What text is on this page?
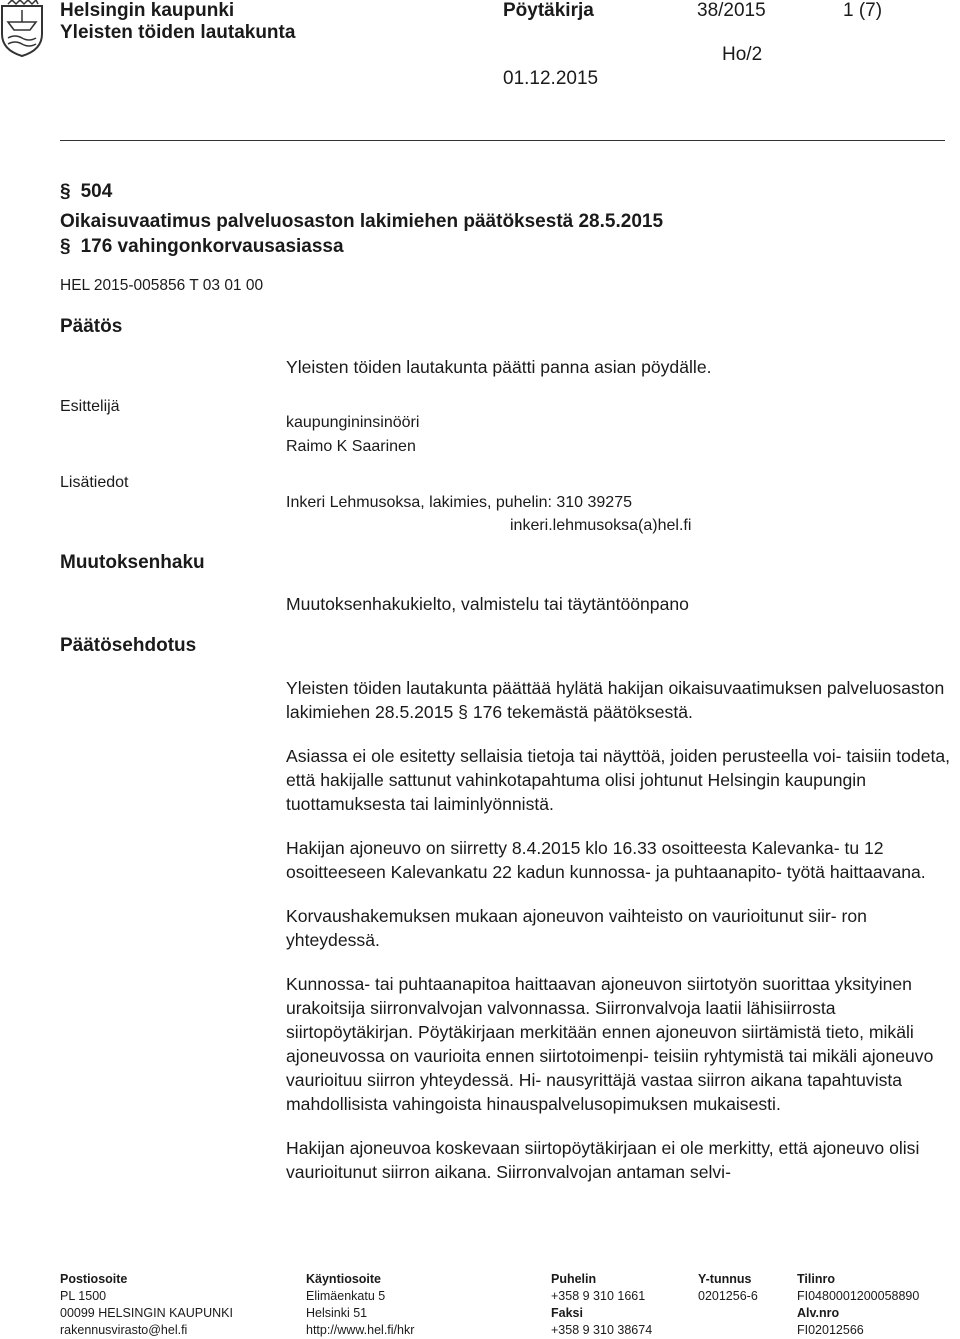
Helsingin kaupunki
Yleisten töiden lautakunta
Pöytäkirja	38/2015	1 (7)
Ho/2
01.12.2015
§ 504
Oikaisuvaatimus palveluosaston lakimiehen päätöksestä 28.5.2015
§ 176 vahingonkorvausasiassa
HEL 2015-005856 T 03 01 00
Päätös
Yleisten töiden lautakunta päätti panna asian pöydälle.
Esittelijä
kaupungininsinööri
Raimo K Saarinen
Lisätiedot
Inkeri Lehmusoksa, lakimies, puhelin: 310 39275
inkeri.lehmusoksa(a)hel.fi
Muutoksenhaku
Muutoksenhakukielto, valmistelu tai täytäntöönpano
Päätösehdotus

Yleisten töiden lautakunta päättää hylätä hakijan oikaisuvaatimuksen palveluosaston lakimiehen 28.5.2015 § 176 tekemästä päätöksestä.

Asiassa ei ole esitetty sellaisia tietoja tai näyttöä, joiden perusteella voi- taisiin todeta, että hakijalle sattunut vahinkotapahtuma olisi johtunut Helsingin kaupungin tuottamuksesta tai laiminlyönnistä.

Hakijan ajoneuvo on siirretty 8.4.2015 klo 16.33 osoitteesta Kalevanka- tu 12 osoitteeseen Kalevankatu 22 kadun kunnossa- ja puhtaanapito- työtä haittaavana.

Korvaushakemuksen mukaan ajoneuvon vaihteisto on vaurioitunut siir- ron yhteydessä.

Kunnossa- tai puhtaanapitoa haittaavan ajoneuvon siirtotyön suorittaa yksityinen urakoitsija siirronvalvojan valvonnassa. Siirronvalvoja laatii lähisiirrosta siirtopöytäkirjan. Pöytäkirjaan merkitään ennen ajoneuvon siirtämistä tieto, mikäli ajoneuvossa on vaurioita ennen siirtotoimenpi- teisiin ryhtymistä tai mikäli ajoneuvo vaurioituu siirron yhteydessä. Hi- nausyrittäjä vastaa siirron aikana tapahtuvista mahdollisista vahingoista hinauspalvelusopimuksen mukaisesti.

Hakijan ajoneuvoa koskevaan siirtopöytäkirjaan ei ole merkitty, että ajoneuvo olisi vaurioitunut siirron aikana. Siirronvalvojan antaman selvi-

Postiosoite
PL 1500
00099 HELSINGIN KAUPUNKI
rakennusvirasto@hel.fi
Käyntiosoite
Elimäenkatu 5
Helsinki 51
http://www.hel.fi/hkr
Puhelin
+358 9 310 1661
Faksi
+358 9 310 38674
Y-tunnus
0201256-6
Tilinro
FI0480001200058890
Alv.nro
FI02012566
